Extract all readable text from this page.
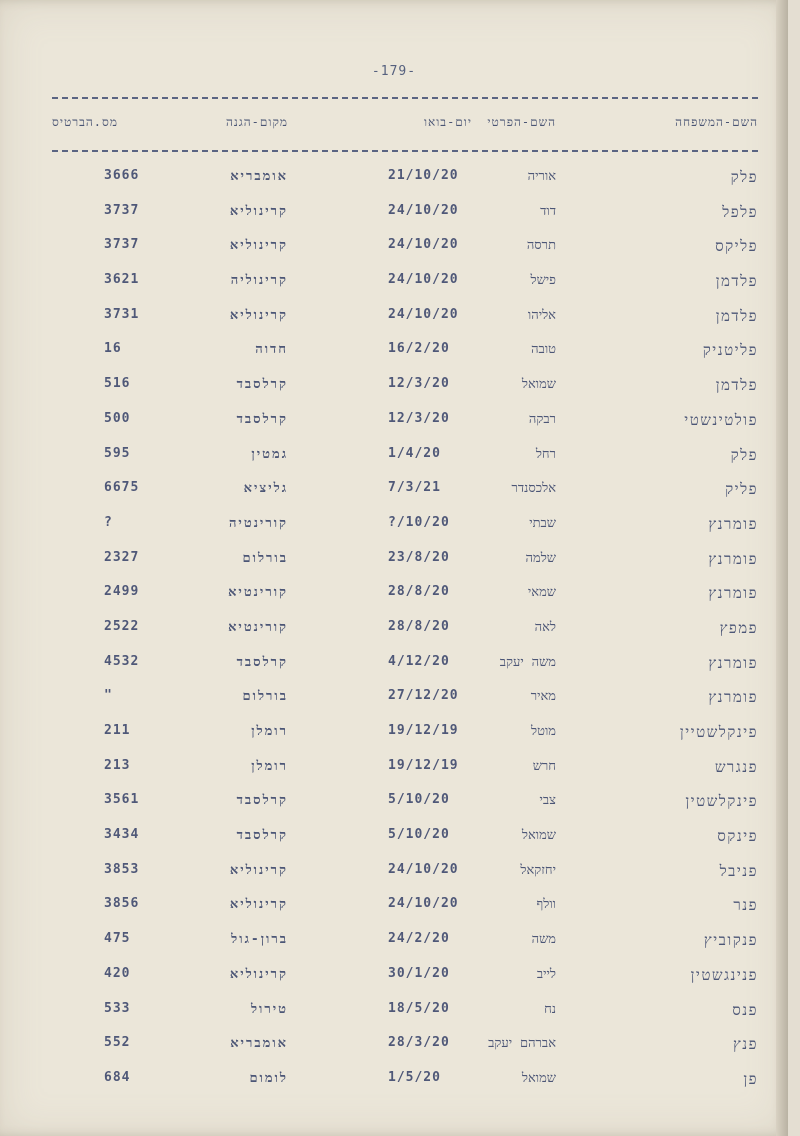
-179-
השם-המשפחה
השם-הפרטי
יום-בואו
מקום-הגנה
מס.הברטיס
פלק
אוריה
21/10/20
אומבריא
3666
פלפל
דוד
24/10/20
קרינוליא
3737
פליקס
תרסה
24/10/20
קרינוליא
3737
פלדמן
פישל
24/10/20
קרינוליה
3621
פלדמן
אליהו
24/10/20
קרינוליא
3731
פליטניק
טובה
16/2/20
חדוה
16
פלדמן
שמואל
12/3/20
קרלסבד
516
פולטינשטי
רבקה
12/3/20
קרלסבד
500
פלק
רחל
1/4/20
גמטין
595
פליק
אלכסנדר
7/3/21
גליציא
6675
פומרנץ
שבתי
?/10/20
קורינטיה
?
פומרנץ
שלמה
23/8/20
בורלום
2327
פומרנץ
שמאי
28/8/20
קורינטיא
2499
פמפץ
לאה
28/8/20
קורינטיא
2522
פומרנץ
משה יעקב
4/12/20
קרלסבד
4532
פומרנץ
מאיר
27/12/20
בורלום
"
פינקלשטיין
מוטל
19/12/19
רומלן
211
פנגרש
חרש
19/12/19
רומלן
213
פינקלשטין
צבי
5/10/20
קרלסבד
3561
פינקס
שמואל
5/10/20
קרלסבד
3434
פניבל
יחזקאל
24/10/20
קרינוליא
3853
פנר
וולף
24/10/20
קרינוליא
3856
פנקוביץ
משה
24/2/20
ברון-גול
475
פנינגשטין
לייב
30/1/20
קרינוליא
420
פנס
נח
18/5/20
טירול
533
פנץ
אברהם יעקב
28/3/20
אומבריא
552
פן
שמואל
1/5/20
לומום
684
